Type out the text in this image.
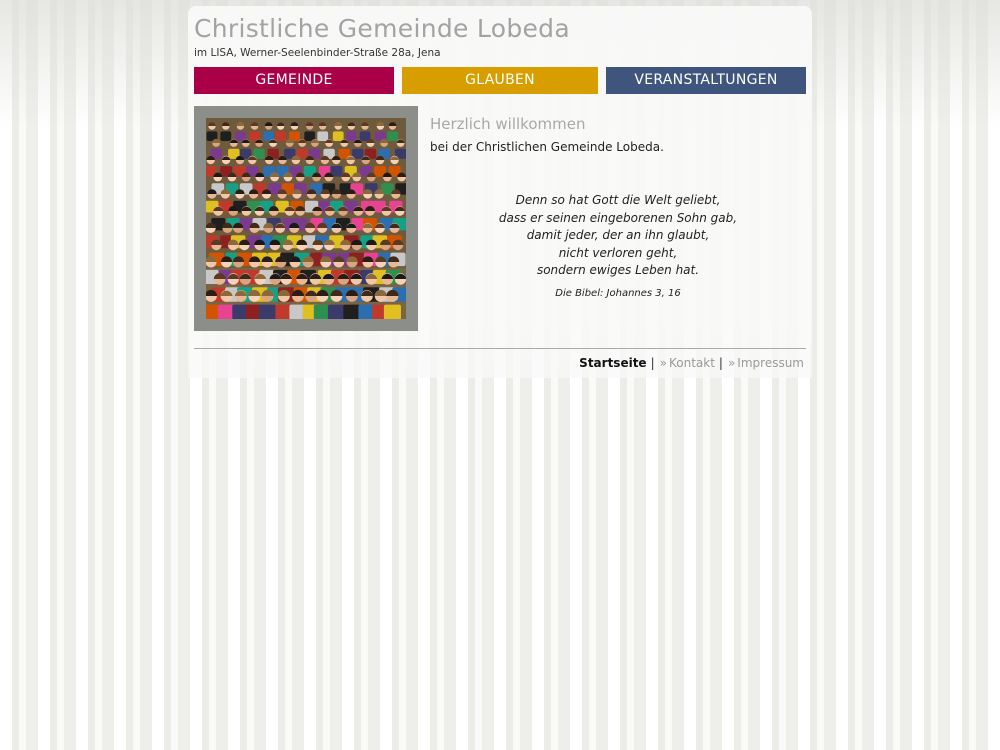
Christliche Gemeinde Lobeda
im LISA, Werner-Seelenbinder-Straße 28a, Jena
GEMEINDE	GLAUBEN	VERANSTALTUNGEN
Herzlich willkommen
bei der Christlichen Gemeinde Lobeda.
Denn so hat Gott die Welt geliebt,
dass er seinen eingeborenen Sohn gab,
damit jeder, der an ihn glaubt,
nicht verloren geht,
sondern ewiges Leben hat.
Die Bibel: Johannes 3, 16
Startseite | » Kontakt | » Impressum
